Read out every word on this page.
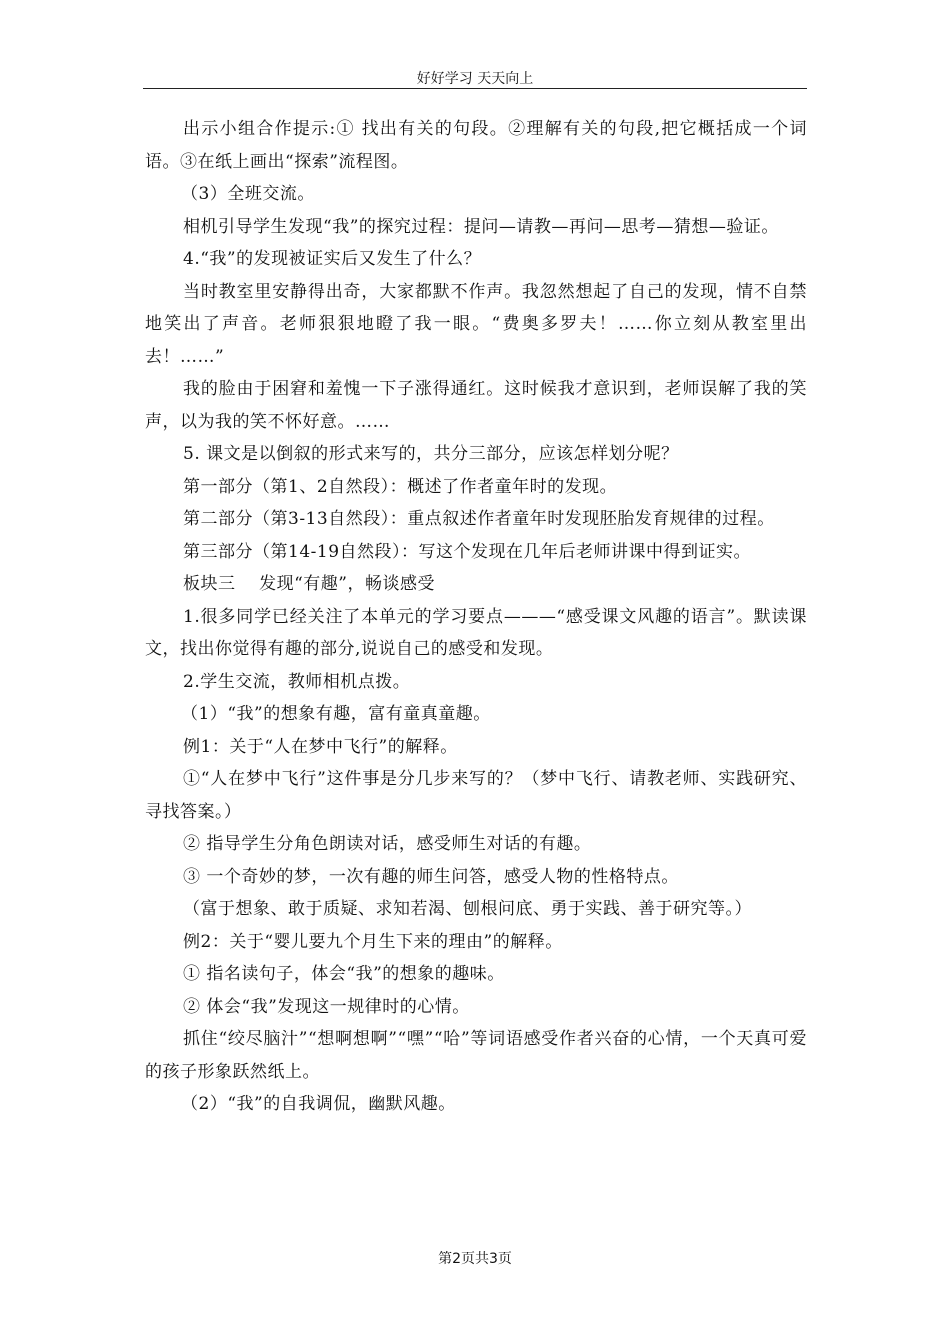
好好学习 天天向上

出示小组合作提示:① 找出有关的句段。②理解有关的句段,把它概括成一个词语。③在纸上画出“探索”流程图。

（3）全班交流。

相机引导学生发现“我”的探究过程：提问—请教—再问—思考—猜想—验证。

4.“我”的发现被证实后又发生了什么？

当时教室里安静得出奇，大家都默不作声。我忽然想起了自己的发现，情不自禁地笑出了声音。老师狠狠地瞪了我一眼。“费奥多罗夫！……你立刻从教室里出去！……”

我的脸由于困窘和羞愧一下子涨得通红。这时候我才意识到，老师误解了我的笑声，以为我的笑不怀好意。……

5. 课文是以倒叙的形式来写的，共分三部分，应该怎样划分呢？

第一部分（第1、2自然段）：概述了作者童年时的发现。

第二部分（第3-13自然段）：重点叙述作者童年时发现胚胎发育规律的过程。

第三部分（第14-19自然段）：写这个发现在几年后老师讲课中得到证实。

板块三    发现“有趣”，畅谈感受

1.很多同学已经关注了本单元的学习要点———“感受课文风趣的语言”。默读课文，找出你觉得有趣的部分,说说自己的感受和发现。

2.学生交流，教师相机点拨。

（1）“我”的想象有趣，富有童真童趣。

例1：关于“人在梦中飞行”的解释。

①“人在梦中飞行”这件事是分几步来写的？（梦中飞行、请教老师、实践研究、寻找答案。）

② 指导学生分角色朗读对话，感受师生对话的有趣。

③ 一个奇妙的梦，一次有趣的师生问答，感受人物的性格特点。

（富于想象、敢于质疑、求知若渴、刨根问底、勇于实践、善于研究等。）

例2：关于“婴儿要九个月生下来的理由”的解释。

① 指名读句子，体会“我”的想象的趣味。

② 体会“我”发现这一规律时的心情。

抓住“绞尽脑汁”“想啊想啊”“嘿”“哈”等词语感受作者兴奋的心情，一个天真可爱的孩子形象跃然纸上。

（2）“我”的自我调侃，幽默风趣。

第2页共3页
